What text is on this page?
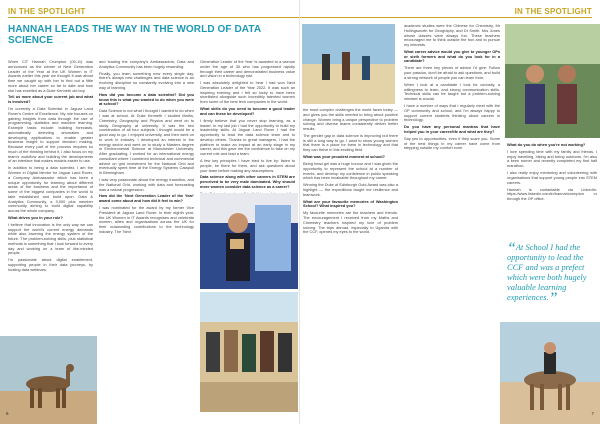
IN THE SPOTLIGHT
HANNAH LEADS THE WAY IN THE WORLD OF DATA SCIENCE

When CIT Hannah Crompton (09-11) was announced as the winner of Next Generation Leader of the Year at the UK Women in IT Awards earlier this year we thought it was about time we caught up with her to find out a little more about her career so far to date and how she has excelled as a Duke Kenneth old boy.

Tell us more about your current job and what is involved?

I'm currently a Data Scientist in Jaguar Land Rover's Centre of Excellence. My role focuses on gaining insights from data through the use of programming, statistics and machine learning. Example tasks include: building forecasts, automatically detecting anomalies and developing applications to enable greater business insight to support decision making. Because every part of the process requires so much of the thinking behind it, I also focus on my team's workflow and building the developments of an interface that makes models easier to use.

In addition to being a data scientist, I am the Women in Digital Mentor for Jaguar Land Rover, a Company Ambassador which has been a unique opportunity for learning about different areas of the business and the importance of some of the biggest companies in the world to take established and build upon. Data & Analytics Community, a 3,000 plus member community aiming to build digital capability across the whole company.

What drives you in your role?

I believe that innovation is the only way we can support the world's current energy demands while also lowering the energy system of the future. The problem-solving skills, plus statistical methods is something that I look forward to every day and working on a team of like-minded people.

I'm passionate about digital enablement, supporting people in their data journeys, by hosting data webinars.

and leading the company's Ambassadors, Data and Analytics Community has been hugely rewarding.

Finally, you learn something new every single day, there's always new challenges and data science is an evolving discipline so constantly evolving into a new way of learning.

How did you become a data scientist? Did you know this is what you wanted to do when you were at school?

Data Science is not what I thought I wanted to do when I was at school. At Duke Kenneth I studied Maths, Chemistry, Geography and Physics and went on to study Geography at university. It was the two combination of all four subjects I thought would be a good way to go. I enjoyed university, and then went on to work in industry. I developed an interest in the energy sector and went on to study a Masters degree in Environmental Science at Manchester University. After graduating, I worked for an international energy consultant where I combined technical and commercial advice on grid investment for the National Grid and eventually spent time at the Energy Systems Catapult in Birmingham.

I was very passionate about the energy transition, and the National Grid, working with data and forecasting was a natural progression.

How did the 'Next Generation Leader of the Year' award come about and how did it feel to win?

I was nominated for the award by my former Vice President at Jaguar Land Rover. In their eighth year, the UK Women in IT Awards recognises and celebrate women, allies and organisations across the UK for their outstanding contributions to the technology industry. The 'Next

Generation Leader of the Year' is awarded to a woman under the age of 30 who has progressed rapidly through their career and demonstrated business value and vision in a technology role.

I was absolutely delighted to hear I had won Next Generation Leader of the Year 2022. It was such an inspiring evening and I felt so lucky to have been shortlisted alongside such incredibly talented women from some of the best tech companies in the world.

What skills do you need to become a good leader and can these be developed?

I firmly believe that you never stop learning, as a leader. In my last job I had the opportunity to build my leadership skills. At Jaguar Land Rover I had the opportunity to lead the data science team and to develop others. Thanks to great managers, I had the platform to make an impact at an early stage in my career, and this gave me the confidence to take on my current role and lead a team.

A few key principles I have tried to live by: listen to people, be there for them, and ask questions about your team before making any assumptions.

Data science along with other careers in STEM are perceived to be very male dominated. Why should more women consider data science as a career?

6
IN THE SPOTLIGHT

the most complex challenges the world faces today — and gives you the skills needed to bring about positive change. Women bring a unique perspective to problem solving and diverse teams consistently deliver better results.

The gender gap in data science is improving but there is still a long way to go. I want to show young women that there is a place for them in technology and that they can thrive in this exciting field.

What was your proudest moment at school?

Being head girl was a huge honour and I was given the opportunity to represent the school at a number of events, and develop my confidence in public speaking which has been invaluable throughout my career.

Winning the Duke of Edinburgh Gold Award was also a highlight — the expeditions taught me resilience and teamwork.

What are your favourite memories of Washington School? What inspired you?

My favourite memories are the teachers and friends. The encouragement I received from my Maths and Chemistry teachers inspired my love of problem solving. The trips abroad, especially to Uganda with the CCF, opened my eyes to the world.

academic studies were the Chinese for Chemistry, Mr Hollingsworth for Geography, and Dr Smith. Mrs Jones whose classes were always fun. These teachers encouraged me to think outside the box and to pursue my interests.

What career advice would you give to younger OPs or sixth formers and what do you look for in a candidate?

There are three key pieces of advice I'd give: Follow your passion, don't be afraid to ask questions, and build a strong network of people you can learn from.

When I look at a candidate I look for curiosity, a willingness to learn, and strong communication skills. Technical skills can be taught but a problem-solving mindset is crucial.

I have a number of ways that I regularly meet with the OP community and school, and I'm always happy to support current students thinking about careers in technology.

Do you have any personal mantras that have helped you in your career/life and what are they?

Say yes to opportunities, even if they scare you. Some of the best things in my career have come from stepping outside my comfort zone.

What do you do when you're not working?

I love spending time with my family and friends. I enjoy travelling, hiking and being outdoors. I'm also a keen runner and recently completed my first half marathon.

I also really enjoy mentoring and volunteering with organisations that support young people into STEM careers.

Hannah is contactable via LinkedIn: https://www.linkedin.com/in/hannahcrompton or through the OP office.

“At School I had the opportunity to lead the CCF and was a prefect which were both hugely valuable learning experiences.”
7
